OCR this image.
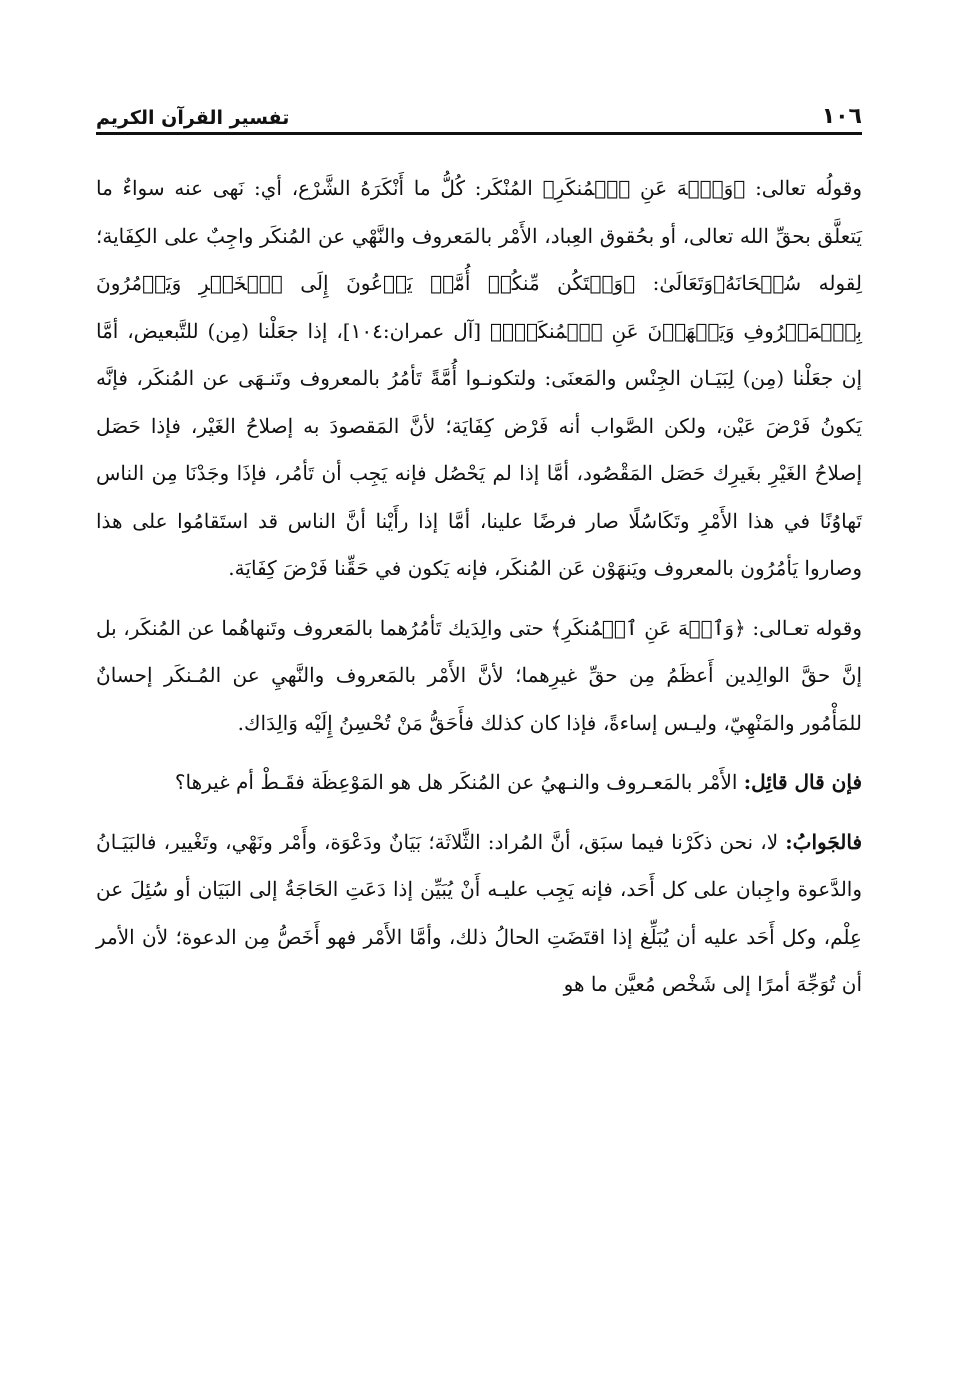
١٠٦
تفسير القرآن الكريم

وقولُه تعالى: ﴿وَٱنۡهَ عَنِ ٱلۡمُنكَرِ﴾ المُنْكَر: كُلُّ ما أَنْكَرَهُ الشَّرْع، أي: نَهى عنه سواءٌ ما يَتعلَّق بحقِّ الله تعالى، أو بحُقوق العِباد، الأَمْر بالمَعروف والنَّهْي عن المُنكَر واجِبٌ على الكِفَاية؛ لِقوله سُبۡحَانَهُۥوَتَعَالَىٰ: ﴿وَلۡتَكُن مِّنكُمۡ أُمَّةٞ يَدۡعُونَ إِلَى ٱلۡخَيۡرِ وَيَأۡمُرُونَ بِٱلۡمَعۡرُوفِ وَيَنۡهَوۡنَ عَنِ ٱلۡمُنكَرِۚ﴾ [آل عمران:١٠٤]، إذا جعَلْنا (مِن) للتَّبعيض، أمَّا إن جعَلْنا (مِن) لِبَيَـان الجِنْس والمَعنَى: ولتكونـوا أُمَّةً تَأمُرُ بالمعروف وتَنـهَى عن المُنكَر، فإنَّه يَكونُ فَرْضَ عَيْن، ولكن الصَّواب أنه فَرْض كِفَايَة؛ لأنَّ المَقصودَ به إصلاحُ الغَيْر، فإذا حَصَل إصلاحُ الغَيْرِ بغَيرِك حَصَل المَقْصُود، أمَّا إذا لم يَحْصُل فإنه يَجِب أن تَأمُر، فإذَا وجَدْنَا مِن الناس تَهاوُنًا في هذا الأَمْرِ وتَكَاسُلًا صار فرضًا علينا، أمَّا إذا رأَيْنا أنَّ الناس قد استَقامُوا على هذا وصاروا يَأمُرُون بالمعروف ويَنهَوْن عَن المُنكَر، فإنه يَكون في حَقِّنا فَرْضَ كِفَايَة.

وقوله تعـالى: ﴿وَٱنۡهَ عَنِ ٱلۡمُنكَرِ﴾ حتى والِدَيك تَأمُرُهما بالمَعروف وتَنهاهُما عن المُنكَر، بل إنَّ حقَّ الوالِدين أَعظَمُ مِن حقِّ غيرِهما؛ لأنَّ الأَمْر بالمَعروف والنَّهيِ عن المُـنكَر إحسانٌ للمَأْمُور والمَنْهِيّ، وليـس إساءةً، فإذا كان كذلك فأَحَقُّ مَنْ تُحْسِنُ إِلَيْه وَالِدَاك.

فإن قال قائِل: الأَمْر بالمَعـروف والنـهيُ عن المُنكَر هل هو المَوْعِظَة فقَـطْ أم غيرها؟

فالجَوابُ: لا، نحن ذكَرْنا فيما سبَق، أنَّ المُراد: الثَّلاثَة؛ بَيَانٌ ودَعْوَة، وأَمْر ونَهْي، وتَغْيير، فالبَيَـانُ والدَّعوة واجِبان على كل أَحَد، فإنه يَجِب عليـه أَنْ يُبَيِّن إذا دَعَتِ الحَاجَةُ إلى البَيَان أو سُئِلَ عن عِلْم، وكل أَحَد عليه أن يُبَلِّغ إذا اقتَضَتِ الحالُ ذلك، وأمَّا الأَمْر فهو أَخَصُّ مِن الدعوة؛ لأن الأمر أن تُوَجِّهَ أمرًا إلى شَخْص مُعيَّن ما هو
